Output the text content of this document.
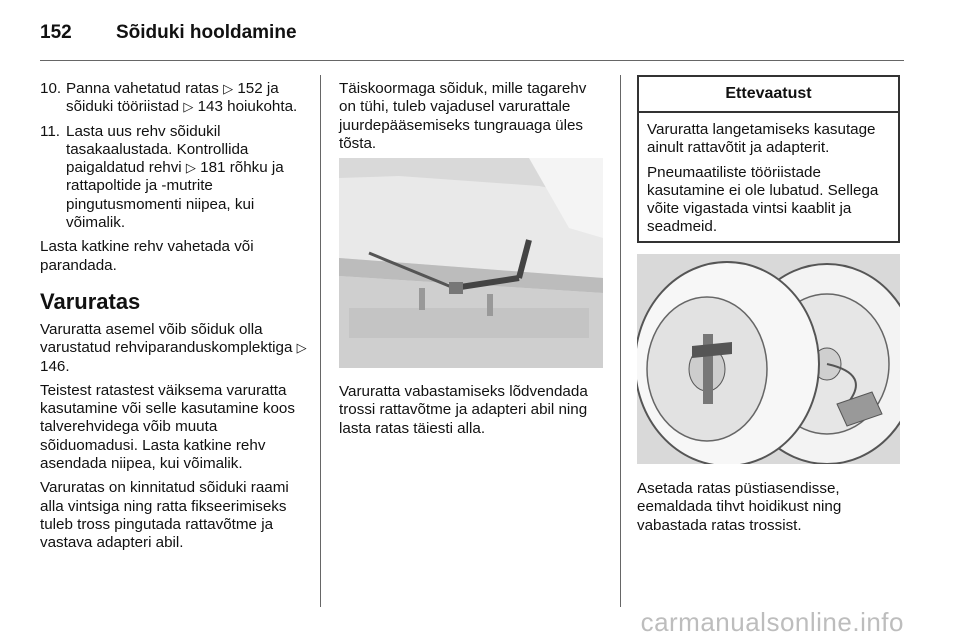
152 Sõiduki hooldamine
10. Panna vahetatud ratas ▷ 152 ja sõiduki tööriistad ▷ 143 hoiukohta.
11. Lasta uus rehv sõidukil tasakaalustada. Kontrollida paigaldatud rehvi ▷ 181 rõhku ja rattapoltide ja -mutrite pingutusmomenti niipea, kui võimalik.

Lasta katkine rehv vahetada või parandada.

Varuratas

Varuratta asemel võib sõiduk olla varustatud rehviparanduskomplektiga ▷ 146.

Teistest ratastest väiksema varuratta kasutamine või selle kasutamine koos talverehvidega võib muuta sõiduomadusi. Lasta katkine rehv asendada niipea, kui võimalik.

Varuratas on kinnitatud sõiduki raami alla vintsiga ning ratta fikseerimiseks tuleb tross pingutada rattavõtme ja vastava adapteri abil.

Täiskoormaga sõiduk, mille tagarehv on tühi, tuleb vajadusel varurattale juurdepääsemiseks tungrauaga üles tõsta.

Varuratta vabastamiseks lõdvendada trossi rattavõtme ja adapteri abil ning lasta ratas täiesti alla.

Ettevaatust

Varuratta langetamiseks kasutage ainult rattavõtit ja adapterit.

Pneumaatiliste tööriistade kasutamine ei ole lubatud. Sellega võite vigastada vintsi kaablit ja seadmeid.

Asetada ratas püstiasendisse, eemaldada tihvt hoidikust ning vabastada ratas trossist.

carmanualsonline.info
